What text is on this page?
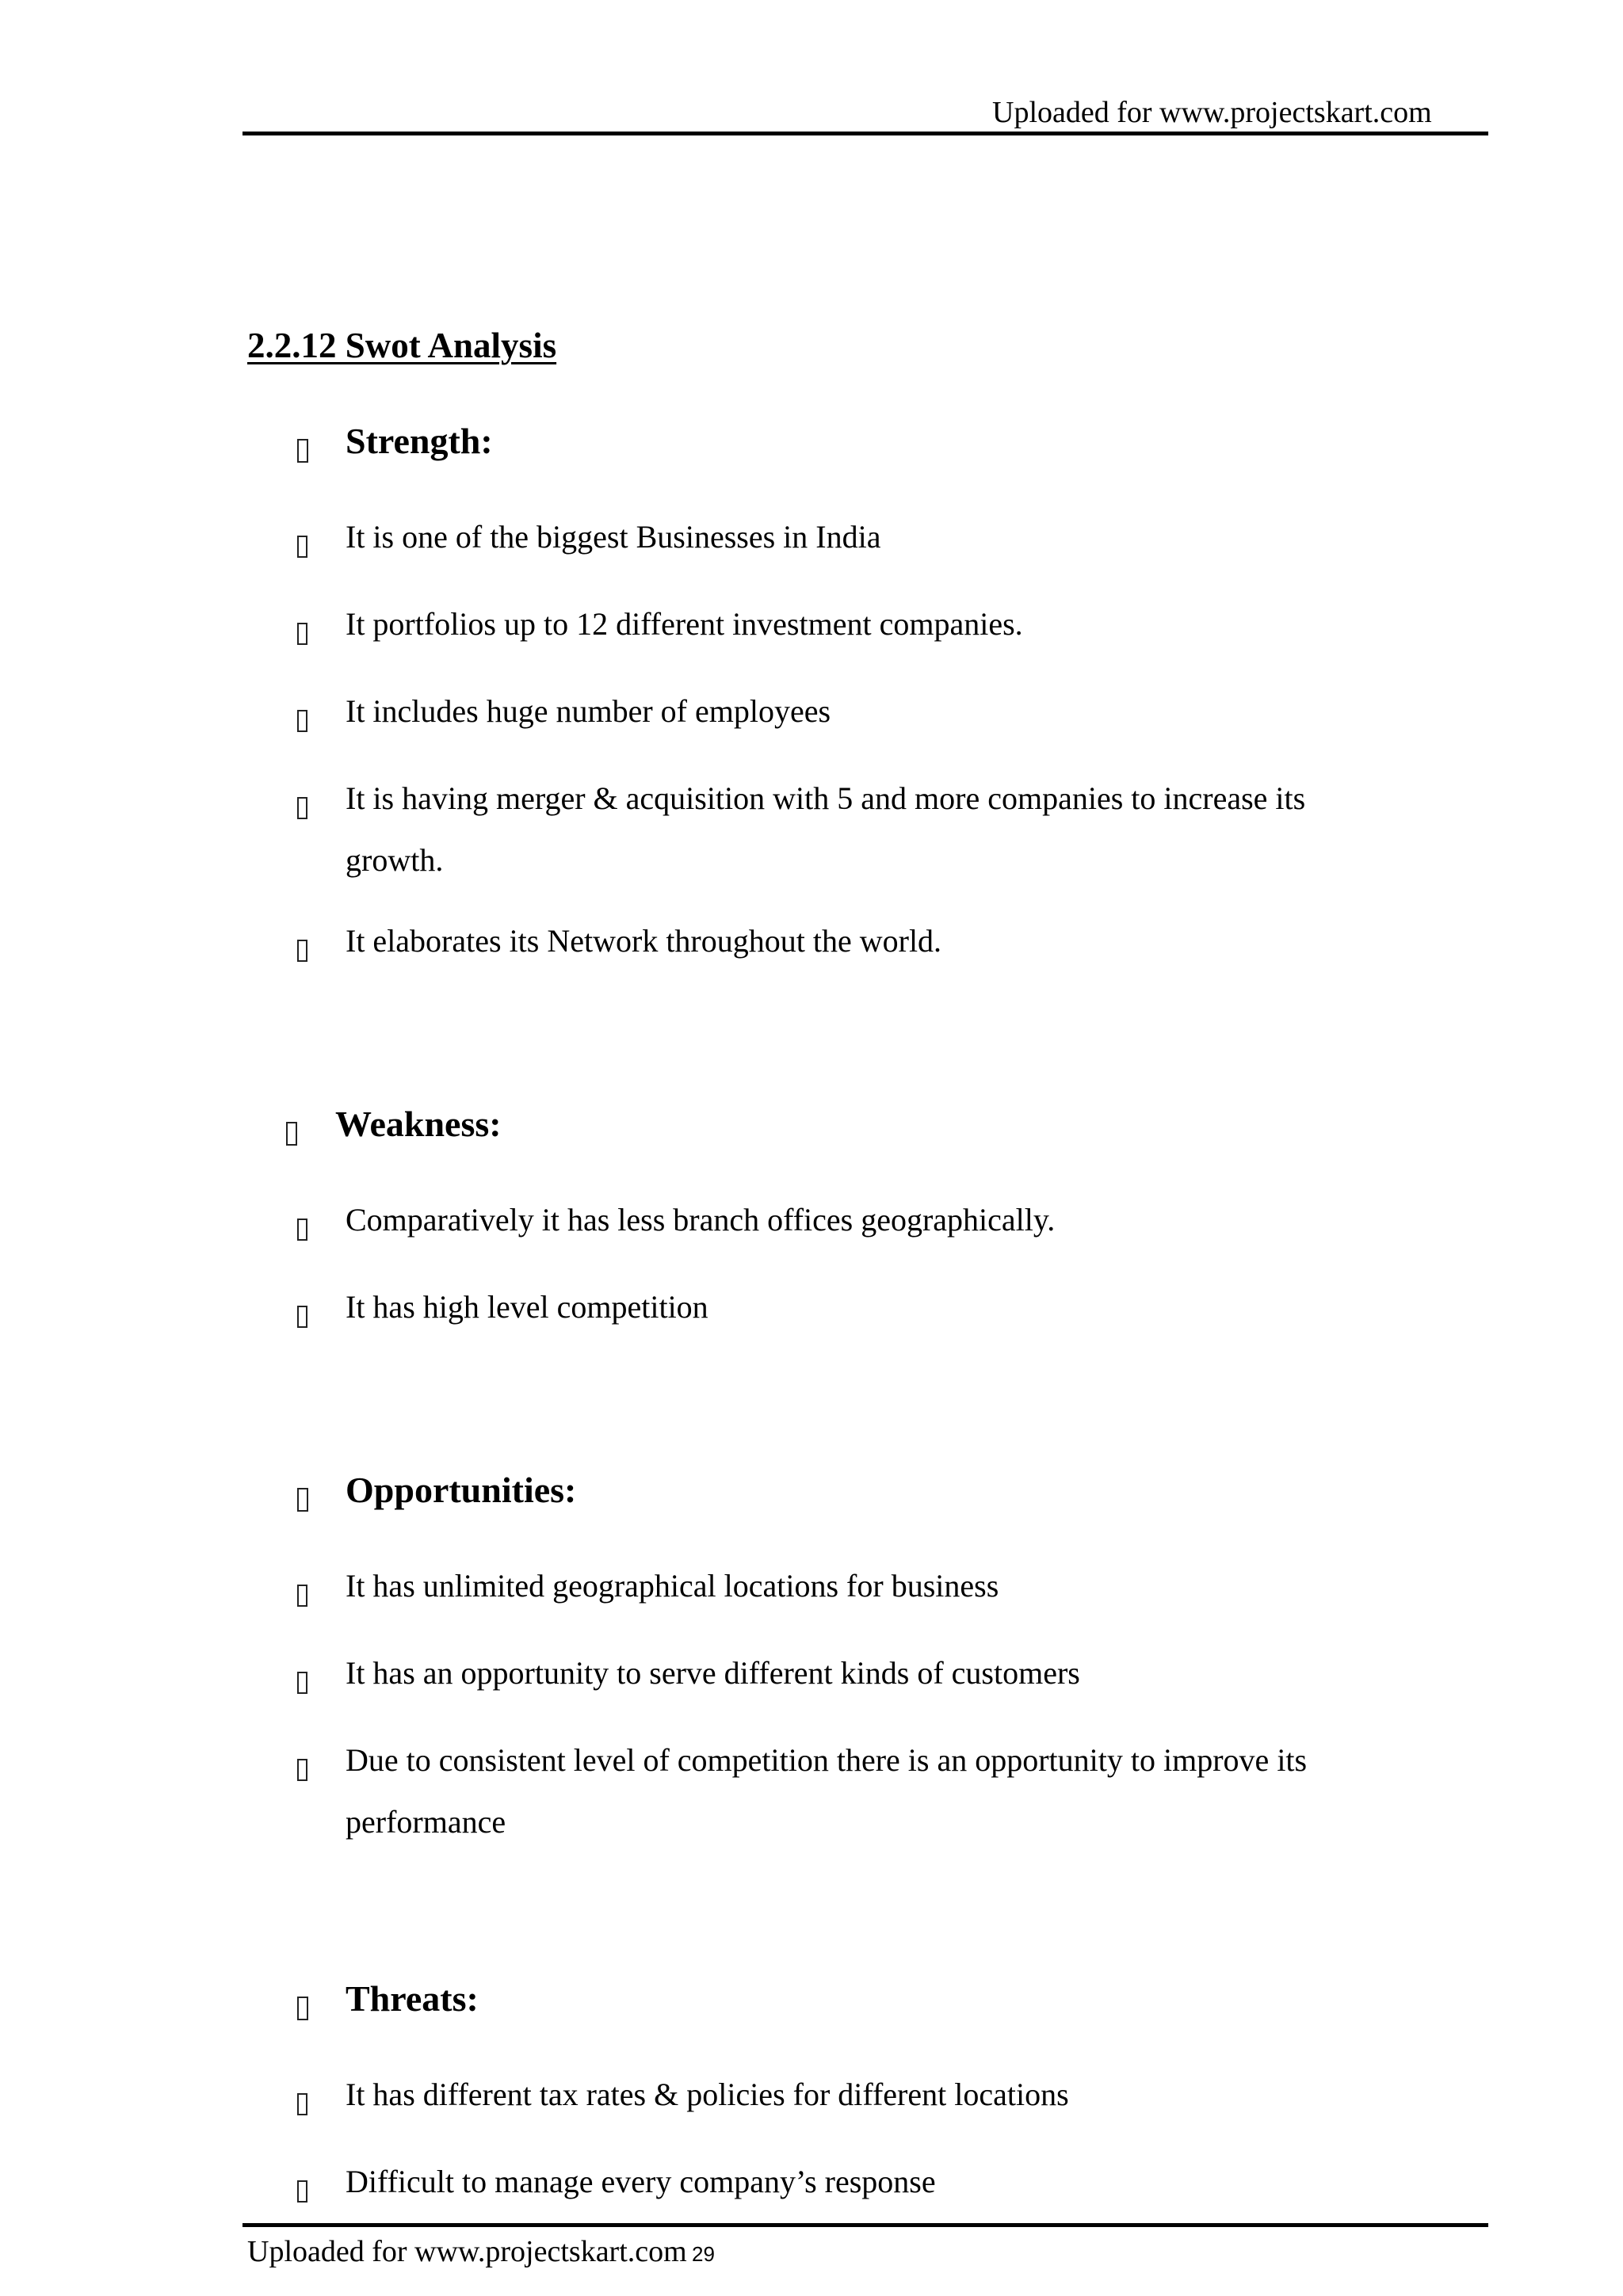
Uploaded for www.projectskart.com
2.2.12 Swot Analysis
Strength:
It is one of the biggest Businesses in India
It portfolios up to 12 different investment companies.
It includes huge number of employees
It is having merger & acquisition with 5 and more companies to increase its
growth.
It elaborates its Network throughout the world.
Weakness:
Comparatively it has less branch offices geographically.
It has high level competition
Opportunities:
It has unlimited geographical locations for business
It has an opportunity to serve different kinds of customers
Due to consistent level of competition there is an opportunity to improve its
performance
Threats:
It has different tax rates & policies for different locations
Difficult to manage every company’s response
Uploaded for www.projectskart.com 29
